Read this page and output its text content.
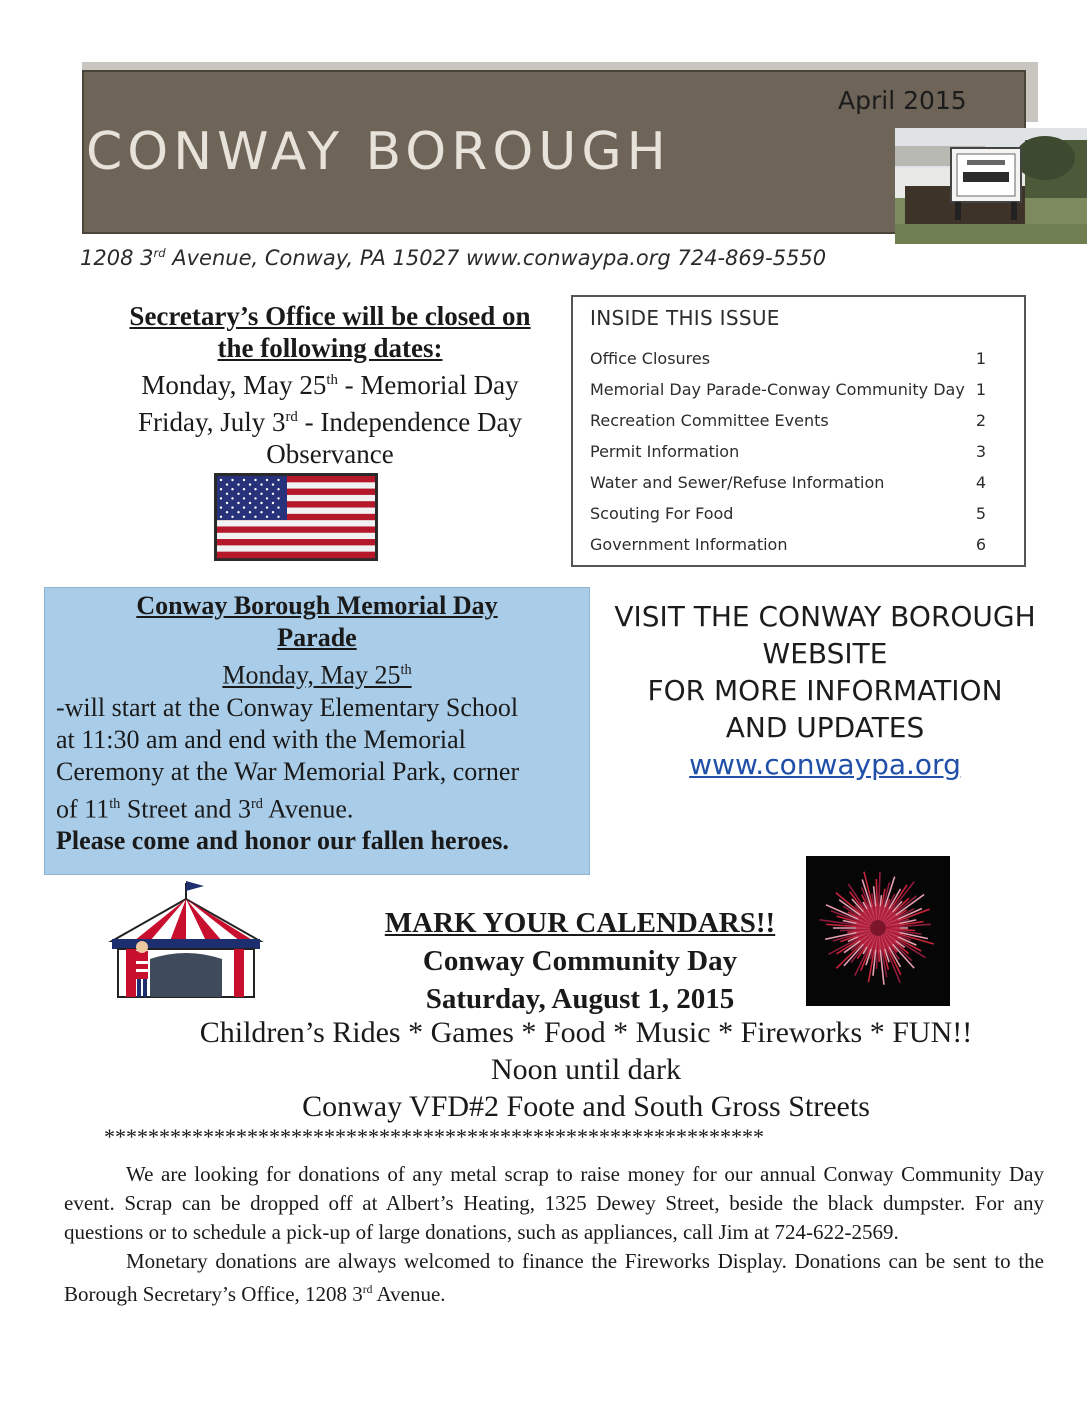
April 2015
CONWAY BOROUGH
1208 3rd Avenue, Conway, PA 15027 www.conwaypa.org 724-869-5550
Secretary’s Office will be closed on
the following dates:
Monday, May 25th - Memorial Day
Friday, July 3rd - Independence Day
Observance
INSIDE THIS ISSUE
Office Closures	1
Memorial Day Parade-Conway Community Day 1
Recreation Committee Events	2
Permit Information	3
Water and Sewer/Refuse Information	4
Scouting For Food	5
Government Information	6
Conway Borough Memorial Day
Parade
Monday, May 25th
-will start at the Conway Elementary School
at 11:30 am and end with the Memorial
Ceremony at the War Memorial Park, corner
of 11th Street and 3rd Avenue.
Please come and honor our fallen heroes.
VISIT THE CONWAY BOROUGH
WEBSITE
FOR MORE INFORMATION
AND UPDATES
www.conwaypa.org
MARK YOUR CALENDARS!!
Conway Community Day
Saturday, August 1, 2015
Children’s Rides * Games * Food * Music * Fireworks * FUN!!
Noon until dark
Conway VFD#2 Foote and South Gross Streets
************************************************************

We are looking for donations of any metal scrap to raise money for our annual Conway Community Day event. Scrap can be dropped off at Albert’s Heating, 1325 Dewey Street, beside the black dumpster. For any questions or to schedule a pick-up of large donations, such as appliances, call Jim at 724-622-2569.

Monetary donations are always welcomed to finance the Fireworks Display. Donations can be sent to the Borough Secretary’s Office, 1208 3rd Avenue.
